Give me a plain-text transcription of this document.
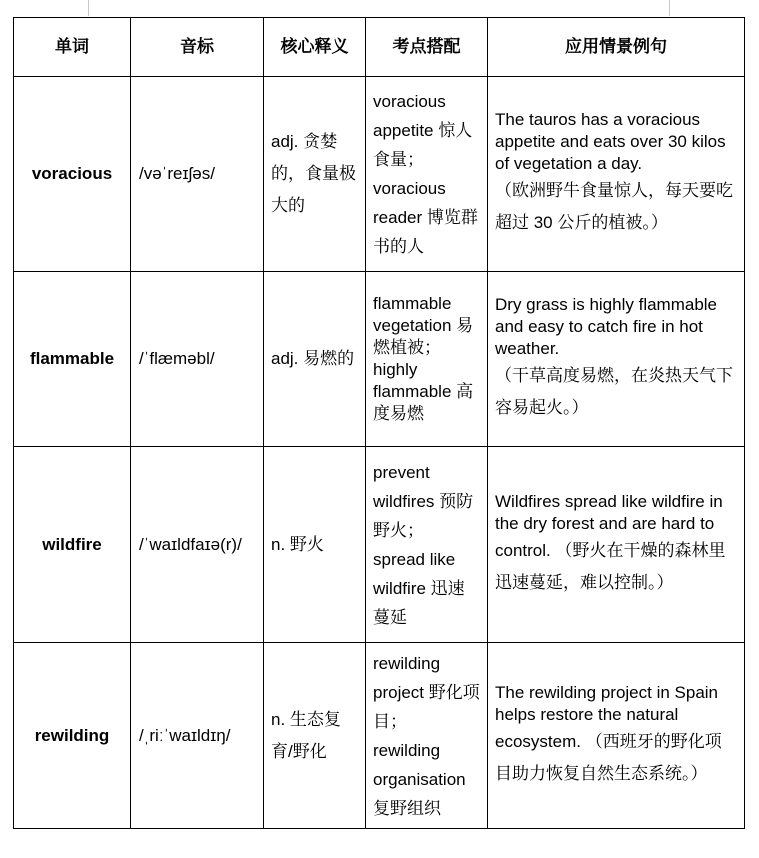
单词	音标	核心释义	考点搭配	应用情景例句
voracious	/vəˈreɪʃəs/	adj. 贪婪的，食量极大的	voracious appetite 惊人食量；
voracious reader 博览群书的人	The tauros has a voracious appetite and eats over 30 kilos of vegetation a day.
（欧洲野牛食量惊人，每天要吃超过 30 公斤的植被。）
flammable	/ˈflæməbl/	adj. 易燃的	flammable vegetation 易燃植被；
highly flammable 高度易燃	Dry grass is highly flammable and easy to catch fire in hot weather.
（干草高度易燃，在炎热天气下容易起火。）
wildfire	/ˈwaɪldfaɪə(r)/	n. 野火	prevent wildfires 预防野火；
spread like wildfire 迅速蔓延	Wildfires spread like wildfire in the dry forest and are hard to control. （野火在干燥的森林里迅速蔓延，难以控制。）
rewilding	/ˌriːˈwaɪldɪŋ/	n. 生态复育/野化	rewilding project 野化项目；
rewilding organisation 复野组织	The rewilding project in Spain helps restore the natural ecosystem. （西班牙的野化项目助力恢复自然生态系统。）
